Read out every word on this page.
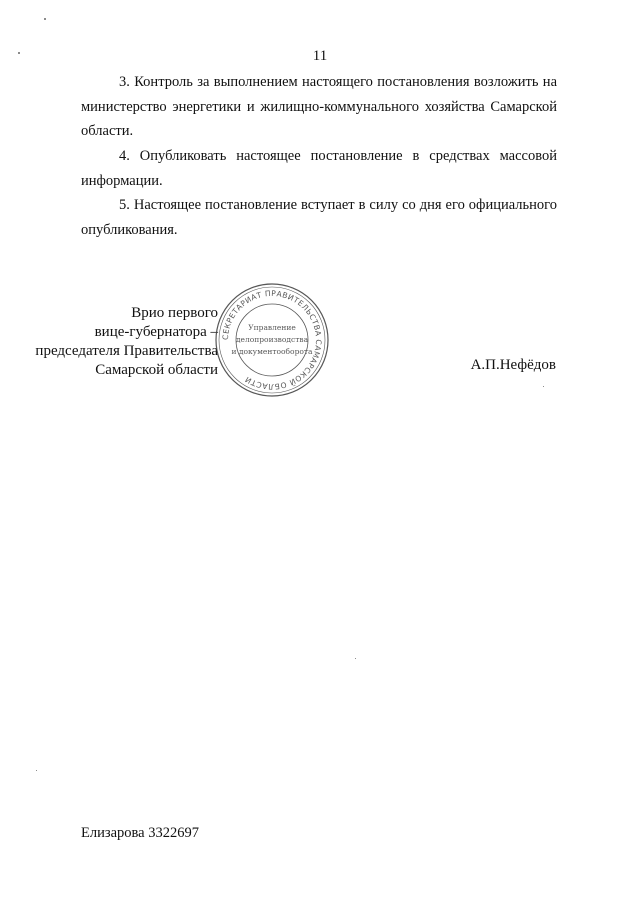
11
3. Контроль за выполнением настоящего постановления возложить на министерство энергетики и жилищно-коммунального хозяйства Самарской области.
4. Опубликовать настоящее постановление в средствах массовой информации.
5. Настоящее постановление вступает в силу со дня его официального опубликования.
Врио первого
вице-губернатора –
председателя Правительства
Самарской области
СЕКРЕТАРИАТ ПРАВИТЕЛЬСТВА САМАРСКОЙ ОБЛАСТИ
Управление
делопроизводства
и документооборота
А.П.Нефёдов
Елизарова 3322697
